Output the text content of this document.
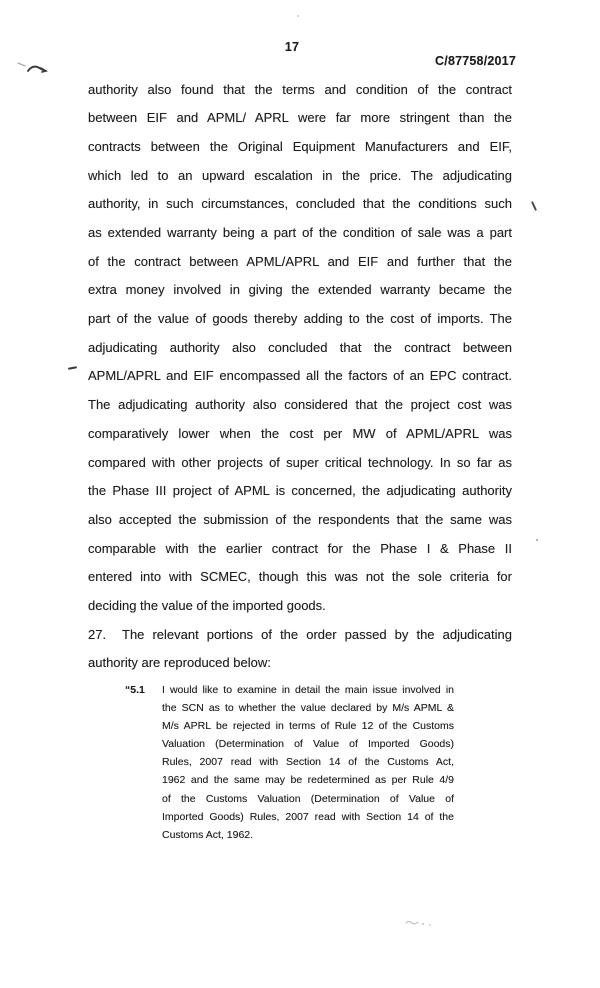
17
C/87758/2017
authority also found that the terms and condition of the contract
between EIF and APML/ APRL were far more stringent than the
contracts between the Original Equipment Manufacturers and EIF,
which led to an upward escalation in the price. The adjudicating
authority, in such circumstances, concluded that the conditions such
as extended warranty being a part of the condition of sale was a part
of the contract between APML/APRL and EIF and further that the
extra money involved in giving the extended warranty became the
part of the value of goods thereby adding to the cost of imports. The
adjudicating authority also concluded that the contract between
APML/APRL and EIF encompassed all the factors of an EPC contract.
The adjudicating authority also considered that the project cost was
comparatively lower when the cost per MW of APML/APRL was
compared with other projects of super critical technology. In so far as
the Phase III project of APML is concerned, the adjudicating authority
also accepted the submission of the respondents that the same was
comparable with the earlier contract for the Phase I & Phase II
entered into with SCMEC, though this was not the sole criteria for
deciding the value of the imported goods.
27. The relevant portions of the order passed by the adjudicating
authority are reproduced below:
“5.1 I would like to examine in detail the main issue involved in
the SCN as to whether the value declared by M/s APML &
M/s APRL be rejected in terms of Rule 12 of the Customs
Valuation (Determination of Value of Imported Goods)
Rules, 2007 read with Section 14 of the Customs Act,
1962 and the same may be redetermined as per Rule 4/9
of the Customs Valuation (Determination of Value of
Imported Goods) Rules, 2007 read with Section 14 of the
Customs Act, 1962.
